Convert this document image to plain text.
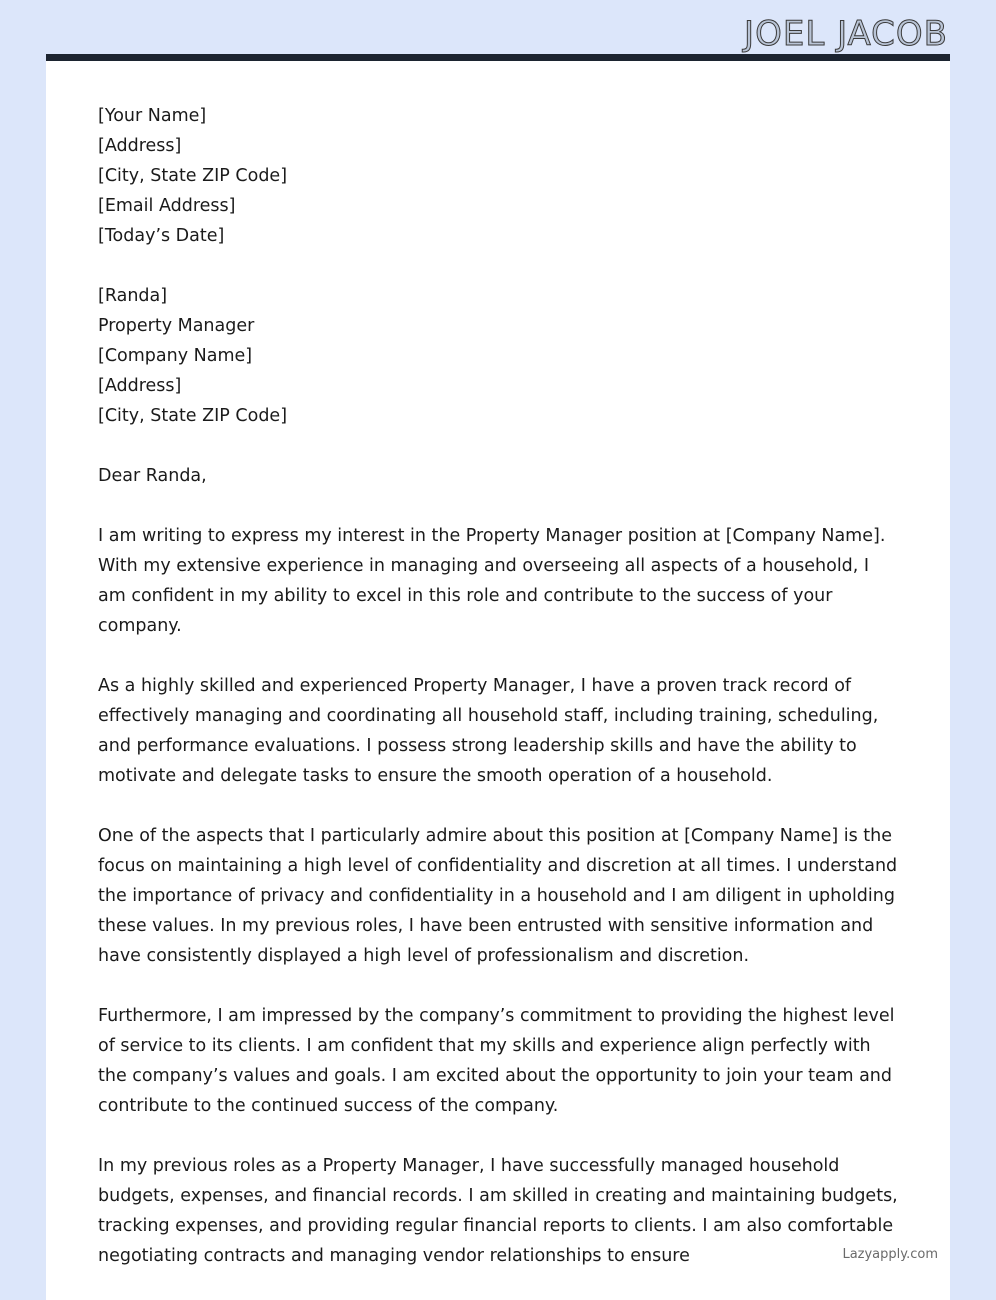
JOEL JACOB
[Your Name]
[Address]
[City, State ZIP Code]
[Email Address]
[Today’s Date]
[Randa]
Property Manager
[Company Name]
[Address]
[City, State ZIP Code]

Dear Randa,

I am writing to express my interest in the Property Manager position at [Company Name]. With my extensive experience in managing and overseeing all aspects of a household, I am confident in my ability to excel in this role and contribute to the success of your company.

As a highly skilled and experienced Property Manager, I have a proven track record of effectively managing and coordinating all household staff, including training, scheduling, and performance evaluations. I possess strong leadership skills and have the ability to motivate and delegate tasks to ensure the smooth operation of a household.

One of the aspects that I particularly admire about this position at [Company Name] is the focus on maintaining a high level of confidentiality and discretion at all times. I understand the importance of privacy and confidentiality in a household and I am diligent in upholding these values. In my previous roles, I have been entrusted with sensitive information and have consistently displayed a high level of professionalism and discretion.

Furthermore, I am impressed by the company’s commitment to providing the highest level of service to its clients. I am confident that my skills and experience align perfectly with the company’s values and goals. I am excited about the opportunity to join your team and contribute to the continued success of the company.

In my previous roles as a Property Manager, I have successfully managed household budgets, expenses, and financial records. I am skilled in creating and maintaining budgets, tracking expenses, and providing regular financial reports to clients. I am also comfortable negotiating contracts and managing vendor relationships to ensure	Lazyapply.com
